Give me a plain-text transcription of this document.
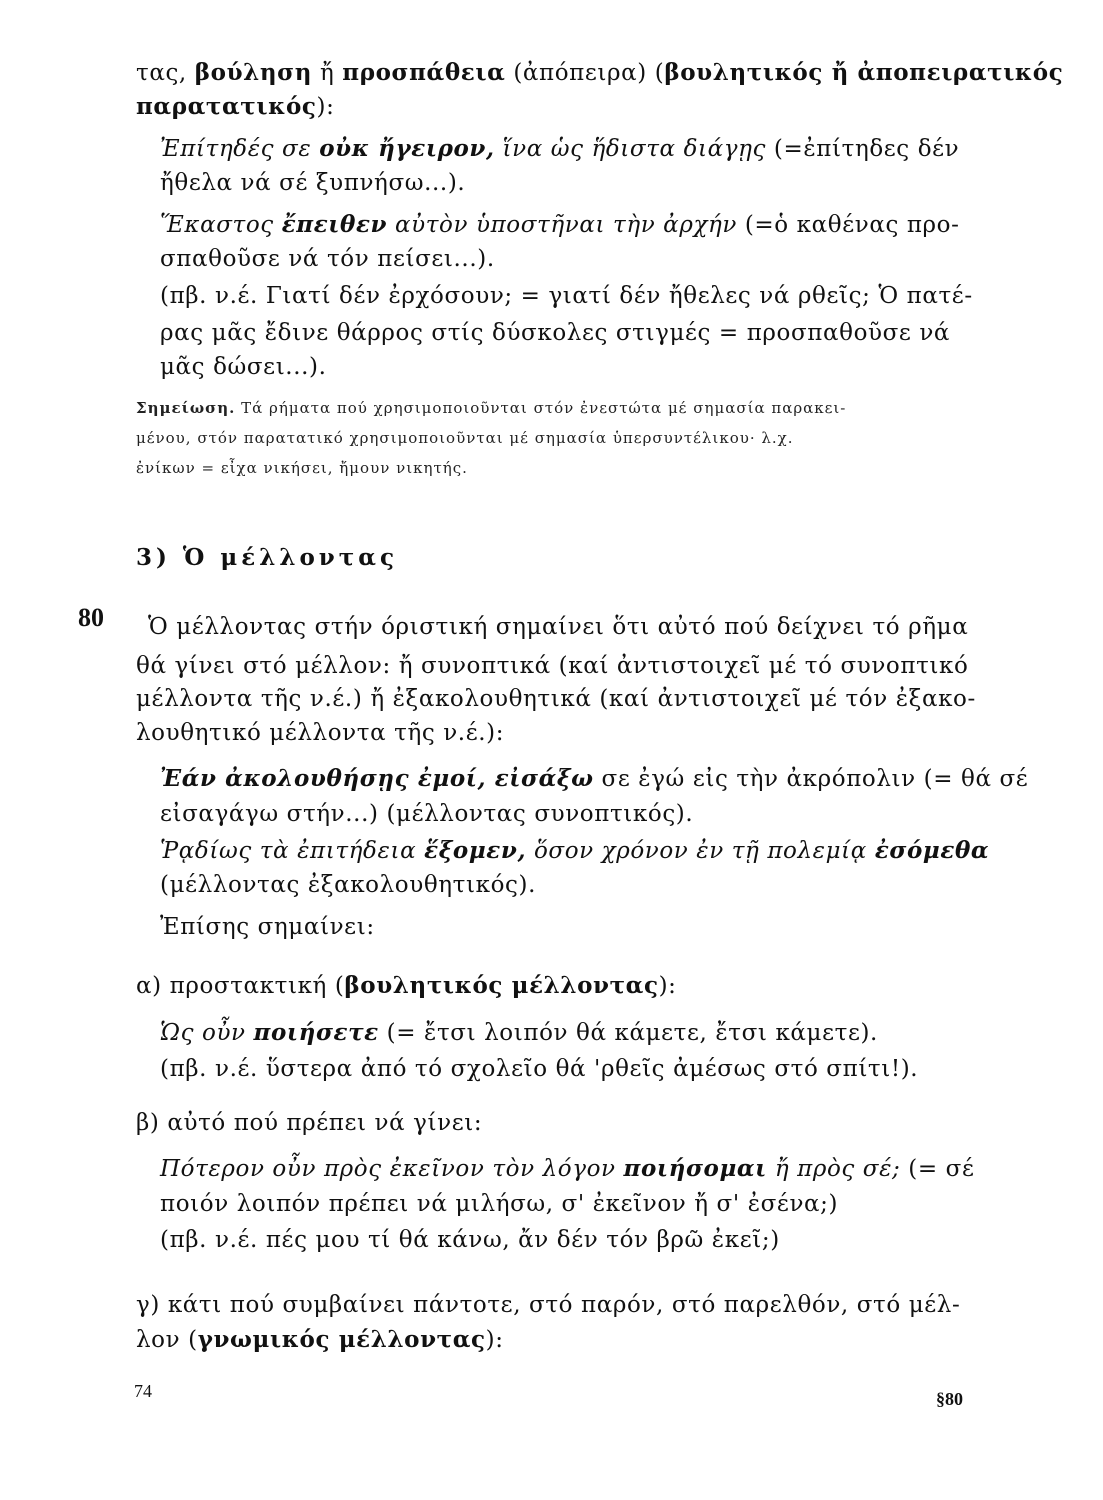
τας, βούληση ἤ προσπάθεια (ἀπόπειρα) (βουλητικός ἤ ἀποπειρατικός
παρατατικός):
Ἐπίτηδές σε οὐκ ἤγειρον, ἵνα ὡς ἥδιστα διάγῃς (=ἐπίτηδες δέν
ἤθελα νά σέ ξυπνήσω...).
Ἕκαστος ἔπειθεν αὐτὸν ὑποστῆναι τὴν ἀρχήν (=ὁ καθένας προ-
σπαθοῦσε νά τόν πείσει...).
(πβ. ν.έ. Γιατί δέν ἐρχόσουν; = γιατί δέν ἤθελες νά ρθεῖς; Ὁ πατέ-
ρας μᾶς ἔδινε θάρρος στίς δύσκολες στιγμές = προσπαθοῦσε νά
μᾶς δώσει...).
Σημείωση. Τά ρήματα πού χρησιμοποιοῦνται στόν ἐνεστώτα μέ σημασία παρακει-
μένου, στόν παρατατικό χρησιμοποιοῦνται μέ σημασία ὑπερσυντέλικου· λ.χ.
ἐνίκων = εἶχα νικήσει, ἤμουν νικητής.
3) Ὁ μέλλοντας
80 Ὁ μέλλοντας στήν όριστική σημαίνει ὅτι αὐτό πού δείχνει τό ρῆμα
θά γίνει στό μέλλον: ἤ συνοπτικά (καί ἀντιστοιχεῖ μέ τό συνοπτικό
μέλλοντα τῆς ν.έ.) ἤ ἐξακολουθητικά (καί ἀντιστοιχεῖ μέ τόν ἐξακο-
λουθητικό μέλλοντα τῆς ν.έ.):
Ἐάν ἀκολουθήσῃς ἐμοί, εἰσάξω σε ἐγώ εἰς τὴν ἀκρόπολιν (= θά σέ
εἰσαγάγω στήν...) (μέλλοντας συνοπτικός).
Ῥᾳδίως τὰ ἐπιτήδεια ἕξομεν, ὅσον χρόνον ἐν τῇ πολεμίᾳ ἐσόμεθα
(μέλλοντας ἐξακολουθητικός).
Ἐπίσης σημαίνει:
α) προστακτική (βουλητικός μέλλοντας):
Ὡς οὖν ποιήσετε (= ἔτσι λοιπόν θά κάμετε, ἔτσι κάμετε).
(πβ. ν.έ. ὕστερα ἀπό τό σχολεῖο θά 'ρθεῖς ἀμέσως στό σπίτι!).
β) αὐτό πού πρέπει νά γίνει:
Πότερον οὖν πρὸς ἐκεῖνον τὸν λόγον ποιήσομαι ἤ πρὸς σέ; (= σέ
ποιόν λοιπόν πρέπει νά μιλήσω, σ' ἐκεῖνον ἤ σ' ἐσένα;)
(πβ. ν.έ. πές μου τί θά κάνω, ἄν δέν τόν βρῶ ἐκεῖ;)
γ) κάτι πού συμβαίνει πάντοτε, στό παρόν, στό παρελθόν, στό μέλ-
λον (γνωμικός μέλλοντας):
74	§80
